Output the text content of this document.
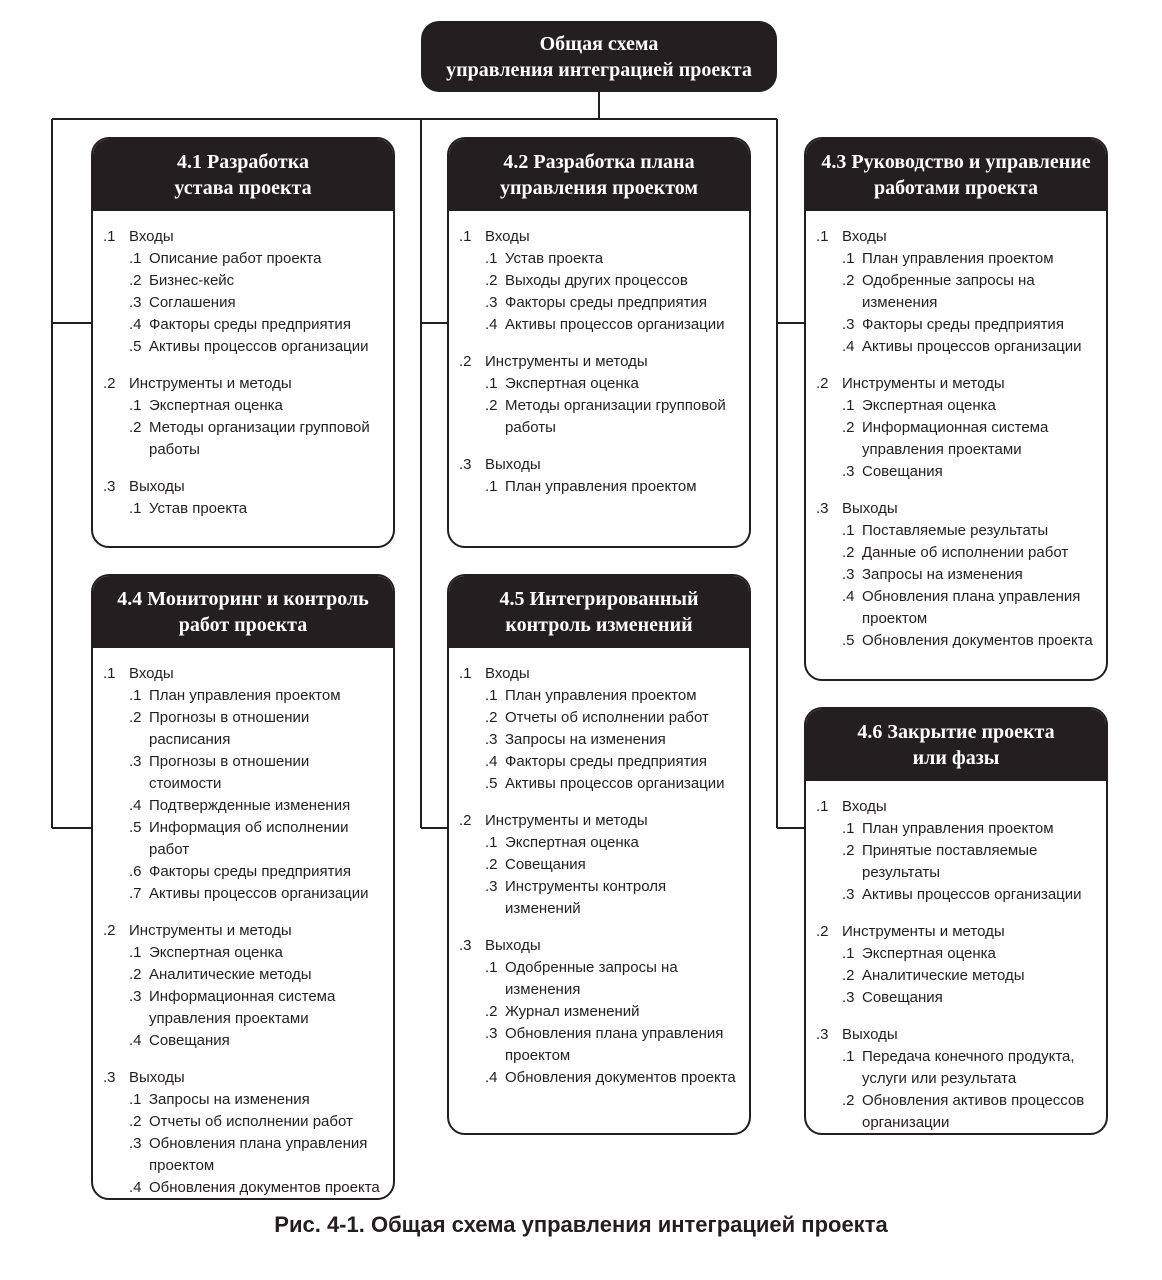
Общая схема
управления интеграцией проекта
4.1 Разработка
устава проекта
.1 Входы
.1 Описание работ проекта
.2 Бизнес-кейс
.3 Соглашения
.4 Факторы среды предприятия
.5 Активы процессов организации
.2 Инструменты и методы
.1 Экспертная оценка
.2 Методы организации групповой работы
.3 Выходы
.1 Устав проекта
4.2 Разработка плана
управления проектом
.1 Входы
.1 Устав проекта
.2 Выходы других процессов
.3 Факторы среды предприятия
.4 Активы процессов организации
.2 Инструменты и методы
.1 Экспертная оценка
.2 Методы организации групповой работы
.3 Выходы
.1 План управления проектом
4.3 Руководство и управление
работами проекта
.1 Входы
.1 План управления проектом
.2 Одобренные запросы на изменения
.3 Факторы среды предприятия
.4 Активы процессов организации
.2 Инструменты и методы
.1 Экспертная оценка
.2 Информационная система управления проектами
.3 Совещания
.3 Выходы
.1 Поставляемые результаты
.2 Данные об исполнении работ
.3 Запросы на изменения
.4 Обновления плана управления проектом
.5 Обновления документов проекта
4.4 Мониторинг и контроль
работ проекта
.1 Входы
.1 План управления проектом
.2 Прогнозы в отношении расписания
.3 Прогнозы в отношении стоимости
.4 Подтвержденные изменения
.5 Информация об исполнении работ
.6 Факторы среды предприятия
.7 Активы процессов организации
.2 Инструменты и методы
.1 Экспертная оценка
.2 Аналитические методы
.3 Информационная система управления проектами
.4 Совещания
.3 Выходы
.1 Запросы на изменения
.2 Отчеты об исполнении работ
.3 Обновления плана управления проектом
.4 Обновления документов проекта
4.5 Интегрированный
контроль изменений
.1 Входы
.1 План управления проектом
.2 Отчеты об исполнении работ
.3 Запросы на изменения
.4 Факторы среды предприятия
.5 Активы процессов организации
.2 Инструменты и методы
.1 Экспертная оценка
.2 Совещания
.3 Инструменты контроля изменений
.3 Выходы
.1 Одобренные запросы на изменения
.2 Журнал изменений
.3 Обновления плана управления проектом
.4 Обновления документов проекта
4.6 Закрытие проекта
или фазы
.1 Входы
.1 План управления проектом
.2 Принятые поставляемые результаты
.3 Активы процессов организации
.2 Инструменты и методы
.1 Экспертная оценка
.2 Аналитические методы
.3 Совещания
.3 Выходы
.1 Передача конечного продукта, услуги или результата
.2 Обновления активов процессов организации
Рис. 4-1. Общая схема управления интеграцией проекта
